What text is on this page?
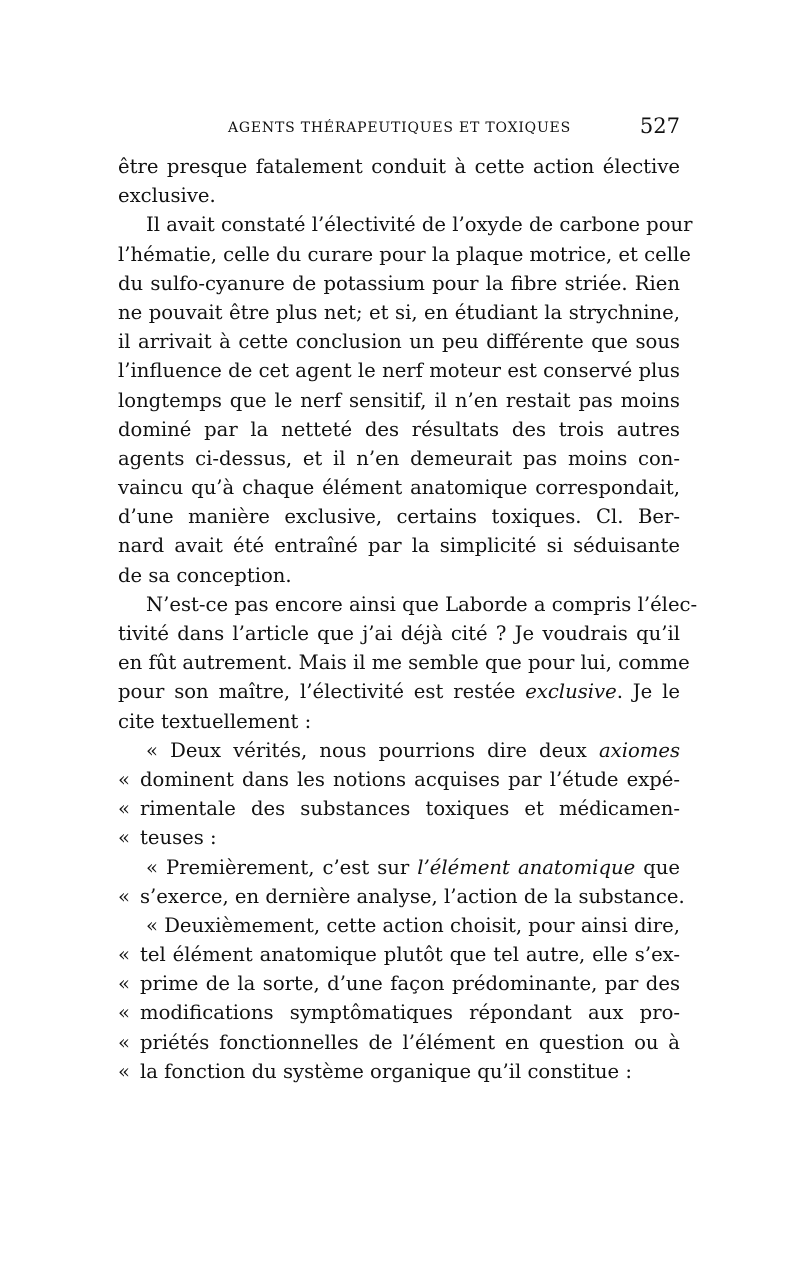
AGENTS THÉRAPEUTIQUES ET TOXIQUES	527
être presque fatalement conduit à cette action élective
exclusive.
Il avait constaté l’électivité de l’oxyde de carbone pour
l’hématie, celle du curare pour la plaque motrice, et celle
du sulfo-cyanure de potassium pour la fibre striée. Rien
ne pouvait être plus net; et si, en étudiant la strychnine,
il arrivait à cette conclusion un peu différente que sous
l’influence de cet agent le nerf moteur est conservé plus
longtemps que le nerf sensitif, il n’en restait pas moins
dominé par la netteté des résultats des trois autres
agents ci-dessus, et il n’en demeurait pas moins con-
vaincu qu’à chaque élément anatomique correspondait,
d’une manière exclusive, certains toxiques. Cl. Ber-
nard avait été entraîné par la simplicité si séduisante
de sa conception.
N’est-ce pas encore ainsi que Laborde a compris l’élec-
tivité dans l’article que j’ai déjà cité ? Je voudrais qu’il
en fût autrement. Mais il me semble que pour lui, comme
pour son maître, l’électivité est restée exclusive. Je le
cite textuellement :
« Deux vérités, nous pourrions dire deux axiomes
« dominent dans les notions acquises par l’étude expé-
« rimentale des substances toxiques et médicamen-
« teuses :
« Premièrement, c’est sur l’élément anatomique que
« s’exerce, en dernière analyse, l’action de la substance.
« Deuxièmement, cette action choisit, pour ainsi dire,
« tel élément anatomique plutôt que tel autre, elle s’ex-
« prime de la sorte, d’une façon prédominante, par des
« modifications symptômatiques répondant aux pro-
« priétés fonctionnelles de l’élément en question ou à
« la fonction du système organique qu’il constitue :
